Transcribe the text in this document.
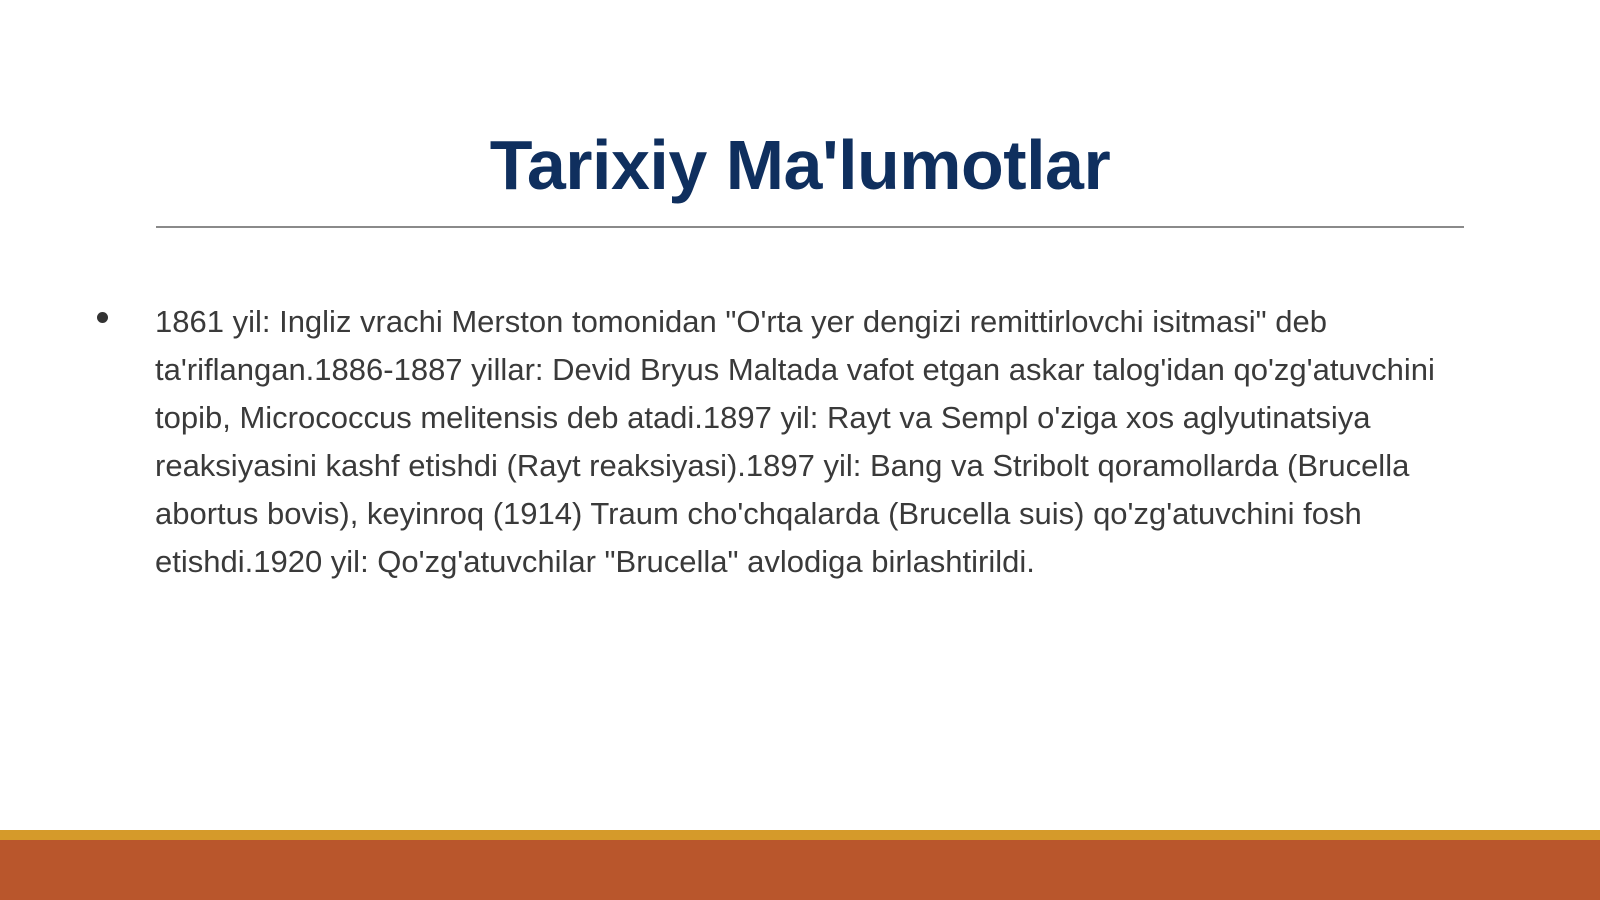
Tarixiy Ma'lumotlar
1861 yil: Ingliz vrachi Merston tomonidan "O'rta yer dengizi remittirlovchi isitmasi" deb ta'riflangan.1886-1887 yillar: Devid Bryus Maltada vafot etgan askar talog'idan qo'zg'atuvchini topib, Micrococcus melitensis deb atadi.1897 yil: Rayt va Sempl o'ziga xos aglyutinatsiya reaksiyasini kashf etishdi (Rayt reaksiyasi).1897 yil: Bang va Stribolt qoramollarda (Brucella abortus bovis), keyinroq (1914) Traum cho'chqalarda (Brucella suis) qo'zg'atuvchini fosh etishdi.1920 yil: Qo'zg'atuvchilar "Brucella" avlodiga birlashtirildi.
